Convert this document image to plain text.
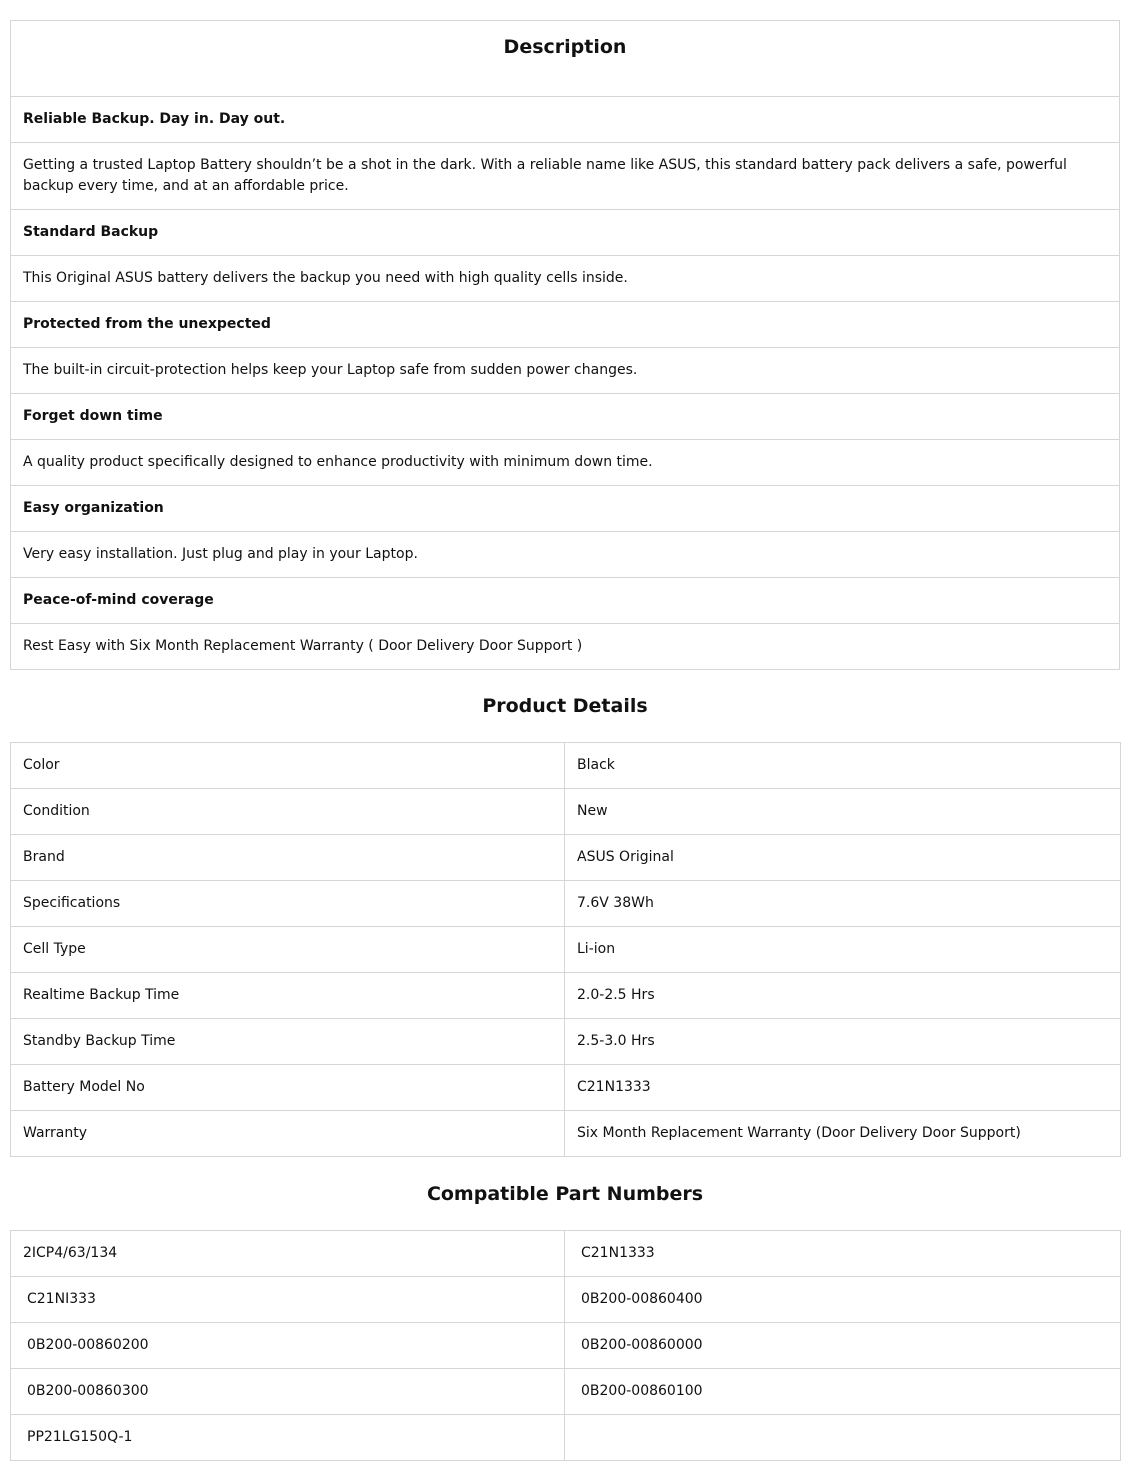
Description

Reliable Backup. Day in. Day out.
Getting a trusted Laptop Battery shouldn’t be a shot in the dark. With a reliable name like ASUS, this standard battery pack delivers a safe, powerful backup every time, and at an affordable price.
Standard Backup
This Original ASUS battery delivers the backup you need with high quality cells inside.
Protected from the unexpected
The built-in circuit-protection helps keep your Laptop safe from sudden power changes.
Forget down time
A quality product specifically designed to enhance productivity with minimum down time.
Easy organization
Very easy installation. Just plug and play in your Laptop.
Peace-of-mind coverage
Rest Easy with Six Month Replacement Warranty ( Door Delivery Door Support )
Product Details
Color	Black
Condition	New
Brand	ASUS Original
Specifications	7.6V 38Wh
Cell Type	Li-ion
Realtime Backup Time	2.0-2.5 Hrs
Standby Backup Time	2.5-3.0 Hrs
Battery Model No	C21N1333
Warranty	Six Month Replacement Warranty (Door Delivery Door Support)
Compatible Part Numbers
2ICP4/63/134	C21N1333
C21NI333	0B200-00860400
0B200-00860200	0B200-00860000
0B200-00860300	0B200-00860100
PP21LG150Q-1	
